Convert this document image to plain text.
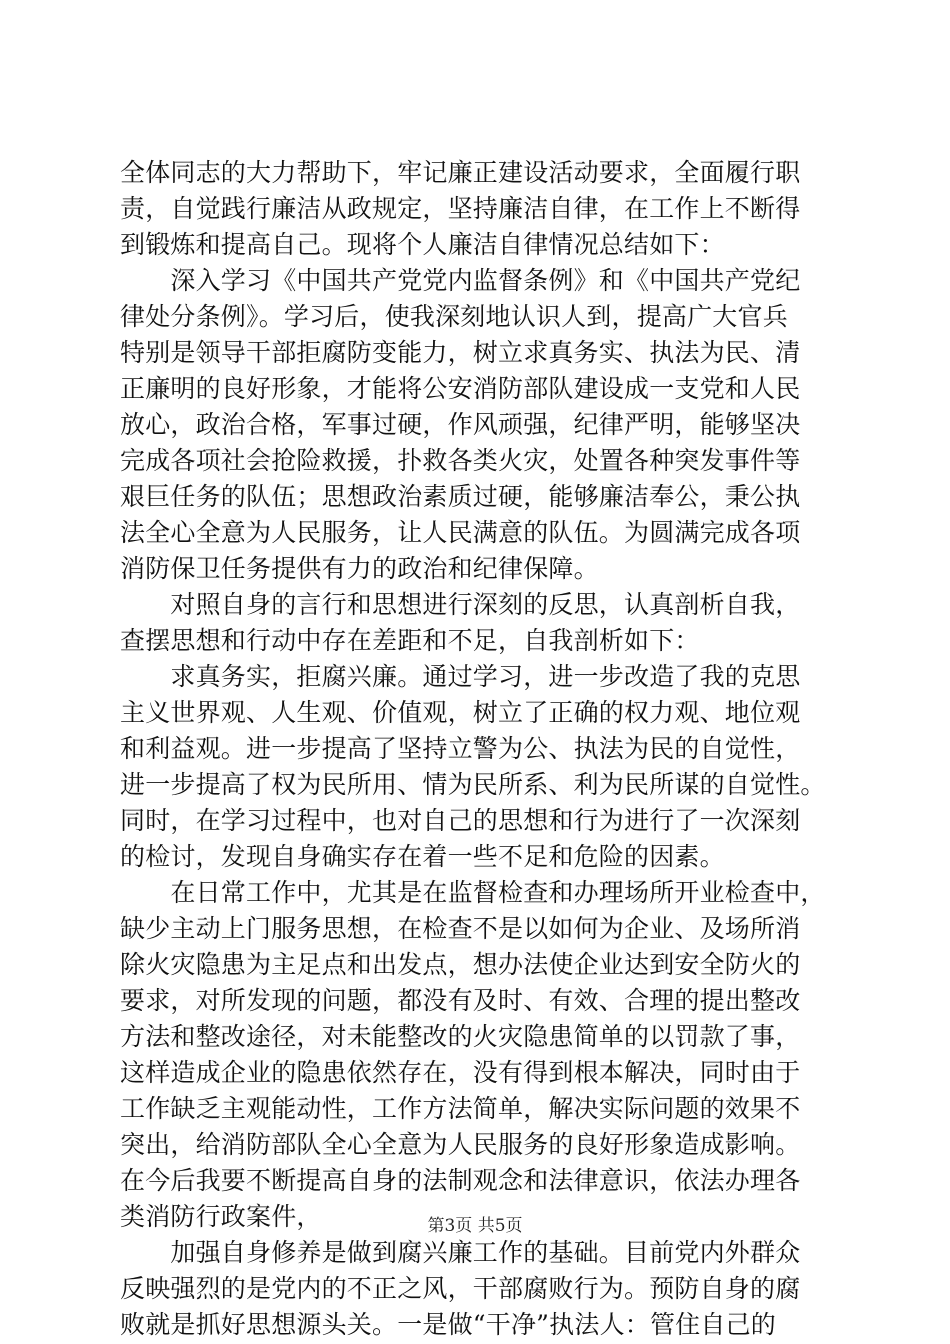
全体同志的大力帮助下，牢记廉正建设活动要求，全面履行职
责，自觉践行廉洁从政规定，坚持廉洁自律，在工作上不断得
到锻炼和提高自己。现将个人廉洁自律情况总结如下：
　　深入学习《中国共产党党内监督条例》和《中国共产党纪
律处分条例》。学习后，使我深刻地认识人到，提高广大官兵
特别是领导干部拒腐防变能力，树立求真务实、执法为民、清
正廉明的良好形象，才能将公安消防部队建设成一支党和人民
放心，政治合格，军事过硬，作风顽强，纪律严明，能够坚决
完成各项社会抢险救援，扑救各类火灾，处置各种突发事件等
艰巨任务的队伍；思想政治素质过硬，能够廉洁奉公，秉公执
法全心全意为人民服务，让人民满意的队伍。为圆满完成各项
消防保卫任务提供有力的政治和纪律保障。
　　对照自身的言行和思想进行深刻的反思，认真剖析自我，
查摆思想和行动中存在差距和不足，自我剖析如下：
　　求真务实，拒腐兴廉。通过学习，进一步改造了我的克思
主义世界观、人生观、价值观，树立了正确的权力观、地位观
和利益观。进一步提高了坚持立警为公、执法为民的自觉性，
进一步提高了权为民所用、情为民所系、利为民所谋的自觉性。
同时，在学习过程中，也对自己的思想和行为进行了一次深刻
的检讨，发现自身确实存在着一些不足和危险的因素。
　　在日常工作中，尤其是在监督检查和办理场所开业检查中，
缺少主动上门服务思想，在检查不是以如何为企业、及场所消
除火灾隐患为主足点和出发点，想办法使企业达到安全防火的
要求，对所发现的问题，都没有及时、有效、合理的提出整改
方法和整改途径，对未能整改的火灾隐患简单的以罚款了事，
这样造成企业的隐患依然存在，没有得到根本解决，同时由于
工作缺乏主观能动性，工作方法简单，解决实际问题的效果不
突出，给消防部队全心全意为人民服务的良好形象造成影响。
在今后我要不断提高自身的法制观念和法律意识，依法办理各
类消防行政案件，
　　加强自身修养是做到腐兴廉工作的基础。目前党内外群众
反映强烈的是党内的不正之风，干部腐败行为。预防自身的腐
败就是抓好思想源头关。一是做“干净”执法人：管住自己的
第3页 共5页
